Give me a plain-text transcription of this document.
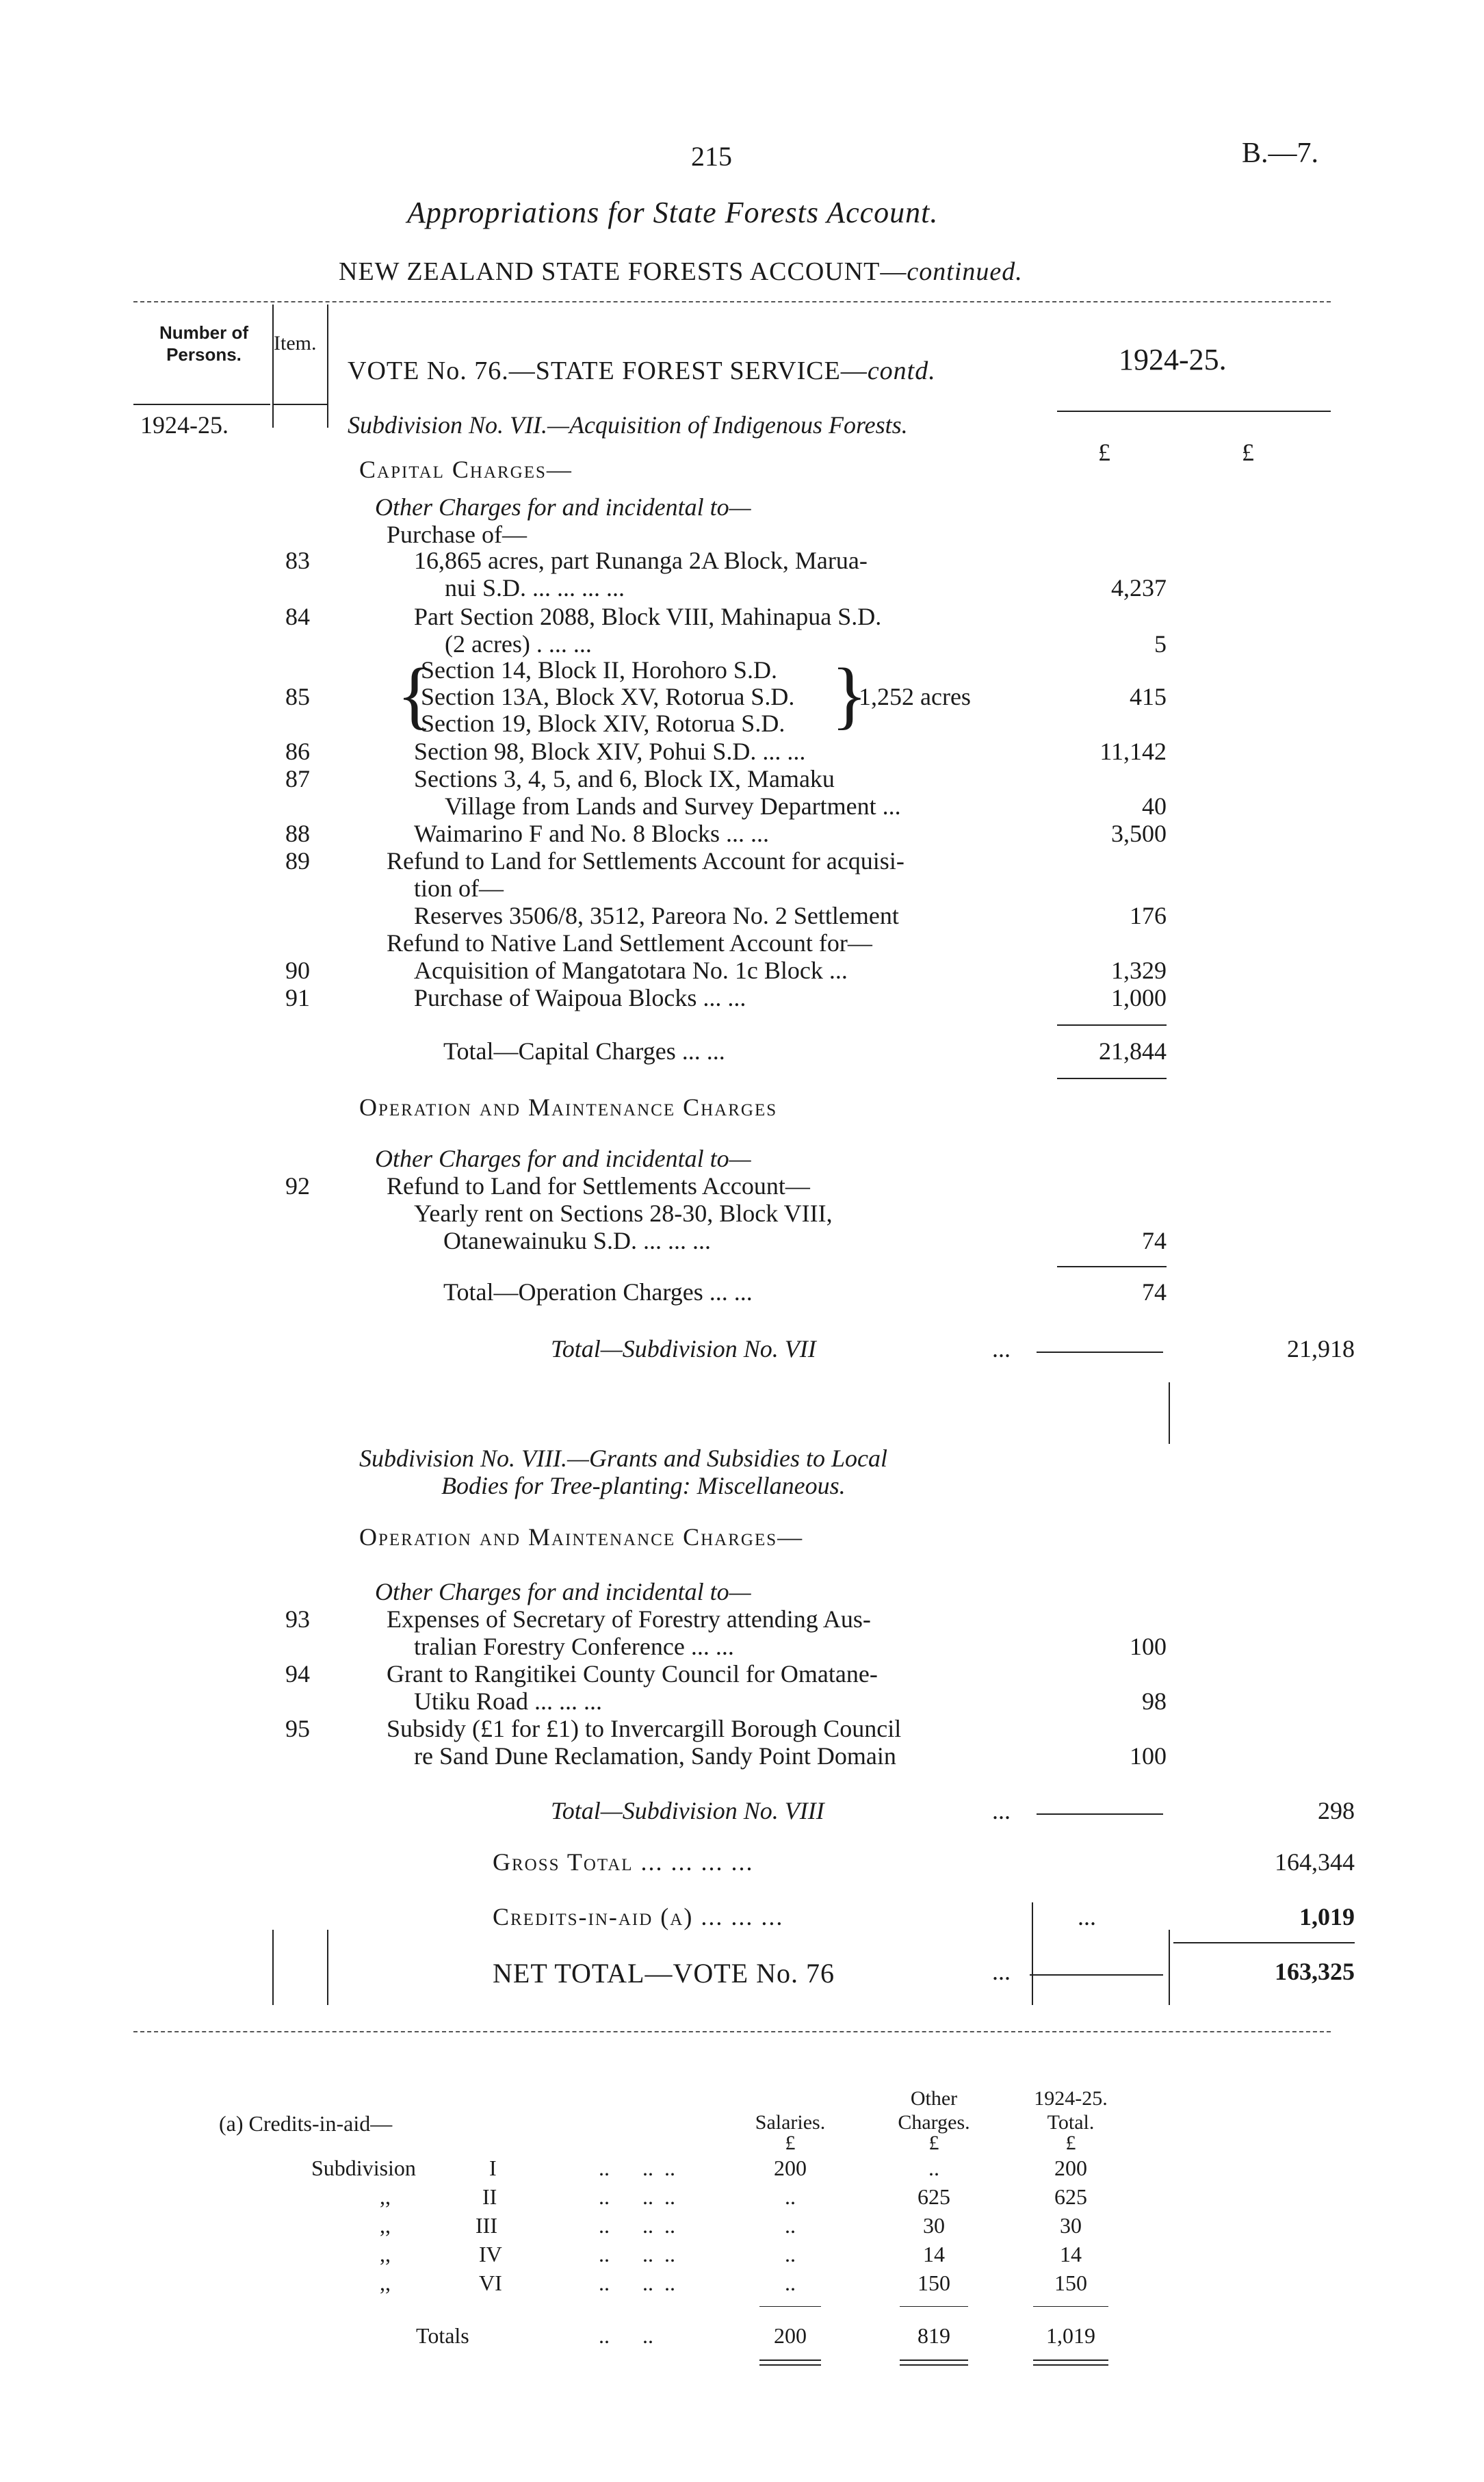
215	B.—7.
Appropriations for State Forests Account.
NEW ZEALAND STATE FORESTS ACCOUNT—continued.
Number of Persons.	Item.
VOTE No. 76.—STATE FOREST SERVICE—contd.	1924-25.
1924-25.
£	£
Subdivision No. VII.—Acquisition of Indigenous Forests.
Capital Charges—
Other Charges for and incidental to—
Purchase of—
83	16,865 acres, part Runanga 2A Block, Marua-
nui S.D. ... ... ... ...	4,237
84	Part Section 2088, Block VIII, Mahinapua S.D.
(2 acres) . ... ...	5
85 {
Section 14, Block II, Horohoro S.D.
Section 13A, Block XV, Rotorua S.D.
Section 19, Block XIV, Rotorua S.D. }
1,252 acres	415
86	Section 98, Block XIV, Pohui S.D. ... ...	11,142
87	Sections 3, 4, 5, and 6, Block IX, Mamaku
Village from Lands and Survey Department ...	40
88	Waimarino F and No. 8 Blocks ... ...	3,500
89	Refund to Land for Settlements Account for acquisi-
tion of—
Reserves 3506/8, 3512, Pareora No. 2 Settlement	176
Refund to Native Land Settlement Account for—
90	Acquisition of Mangatotara No. 1c Block ...	1,329
91	Purchase of Waipoua Blocks ... ...	1,000
Total—Capital Charges ... ...	21,844
Operation and Maintenance Charges
Other Charges for and incidental to—
92	Refund to Land for Settlements Account—
Yearly rent on Sections 28-30, Block VIII,
Otanewainuku S.D. ... ... ...	74
Total—Operation Charges ... ...	74
Total—Subdivision No. VII	...	21,918
Subdivision No. VIII.—Grants and Subsidies to Local
Bodies for Tree-planting: Miscellaneous.
Operation and Maintenance Charges—
Other Charges for and incidental to—
93	Expenses of Secretary of Forestry attending Aus-
tralian Forestry Conference ... ...	100
94	Grant to Rangitikei County Council for Omatane-
Utiku Road ... ... ...	98
95	Subsidy (£1 for £1) to Invercargill Borough Council
re Sand Dune Reclamation, Sandy Point Domain	100
Total—Subdivision No. VIII	...	298
Gross Total ... ... ... ...	164,344
Credits-in-aid (a) ... ... ...	...	1,019
NET TOTAL—VOTE No. 76	...	163,325
(a) Credits-in-aid—	Salaries.
Other
Charges.
1924-25.
Total.
£	£	£
Subdivision	I	..      ..  ..	200	..	200
,,	II	..      ..  ..	..	625	625
,,	III	..      ..  ..	..	30	30
,,	IV	..      ..  ..	..	14	14
,,	VI	..      ..  ..	..	150	150
Totals	..      ..	200	819	1,019
